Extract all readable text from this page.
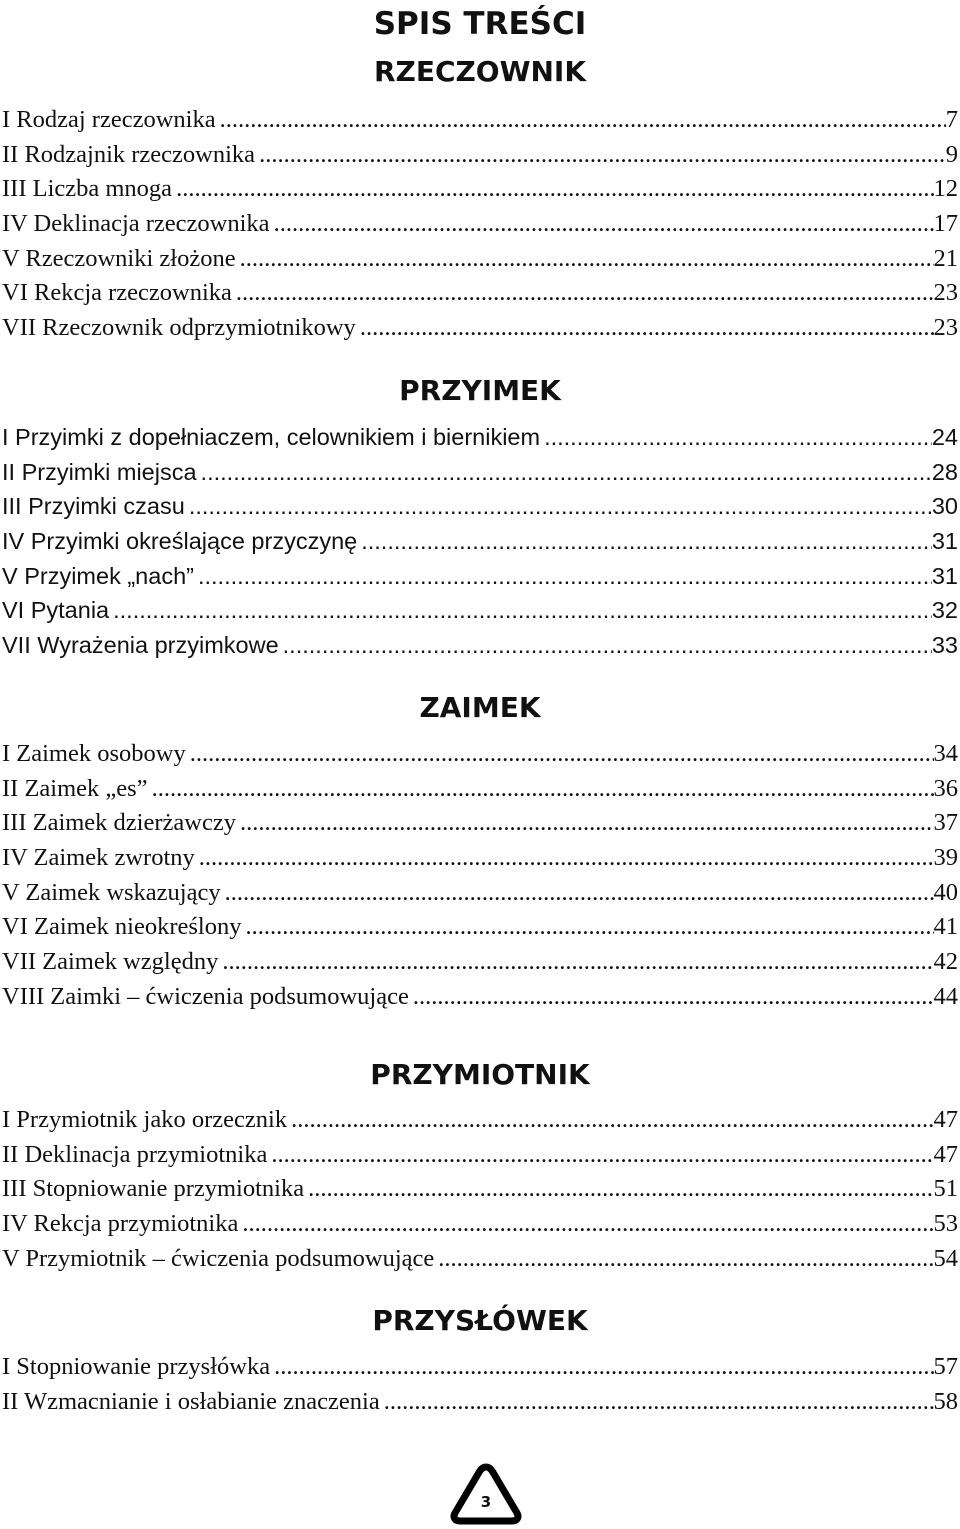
SPIS TREŚCI
RZECZOWNIK
I Rodzaj rzeczownika .....	7
II Rodzajnik rzeczownika .....	9
III Liczba mnoga .....	12
IV Deklinacja rzeczownika .....	17
V Rzeczowniki złożone .....	21
VI Rekcja rzeczownika .....	23
VII Rzeczownik odprzymiotnikowy .....	23
PRZYIMEK
I Przyimki z dopełniaczem, celownikiem i biernikiem .....	24
II Przyimki miejsca .....	28
III Przyimki czasu .....	30
IV Przyimki określające przyczynę .....	31
V Przyimek „nach” .....	31
VI Pytania .....	32
VII Wyrażenia przyimkowe .....	33
ZAIMEK
I Zaimek osobowy .....	34
II Zaimek „es” .....	36
III Zaimek dzierżawczy .....	37
IV Zaimek zwrotny .....	39
V Zaimek wskazujący .....	40
VI Zaimek nieokreślony .....	41
VII Zaimek względny .....	42
VIII Zaimki – ćwiczenia podsumowujące .....	44
PRZYMIOTNIK
I Przymiotnik jako orzecznik .....	47
II Deklinacja przymiotnika .....	47
III Stopniowanie przymiotnika .....	51
IV Rekcja przymiotnika .....	53
V Przymiotnik – ćwiczenia podsumowujące .....	54
PRZYSŁÓWEK
I Stopniowanie przysłówka .....	57
II Wzmacnianie i osłabianie znaczenia .....	58
3
